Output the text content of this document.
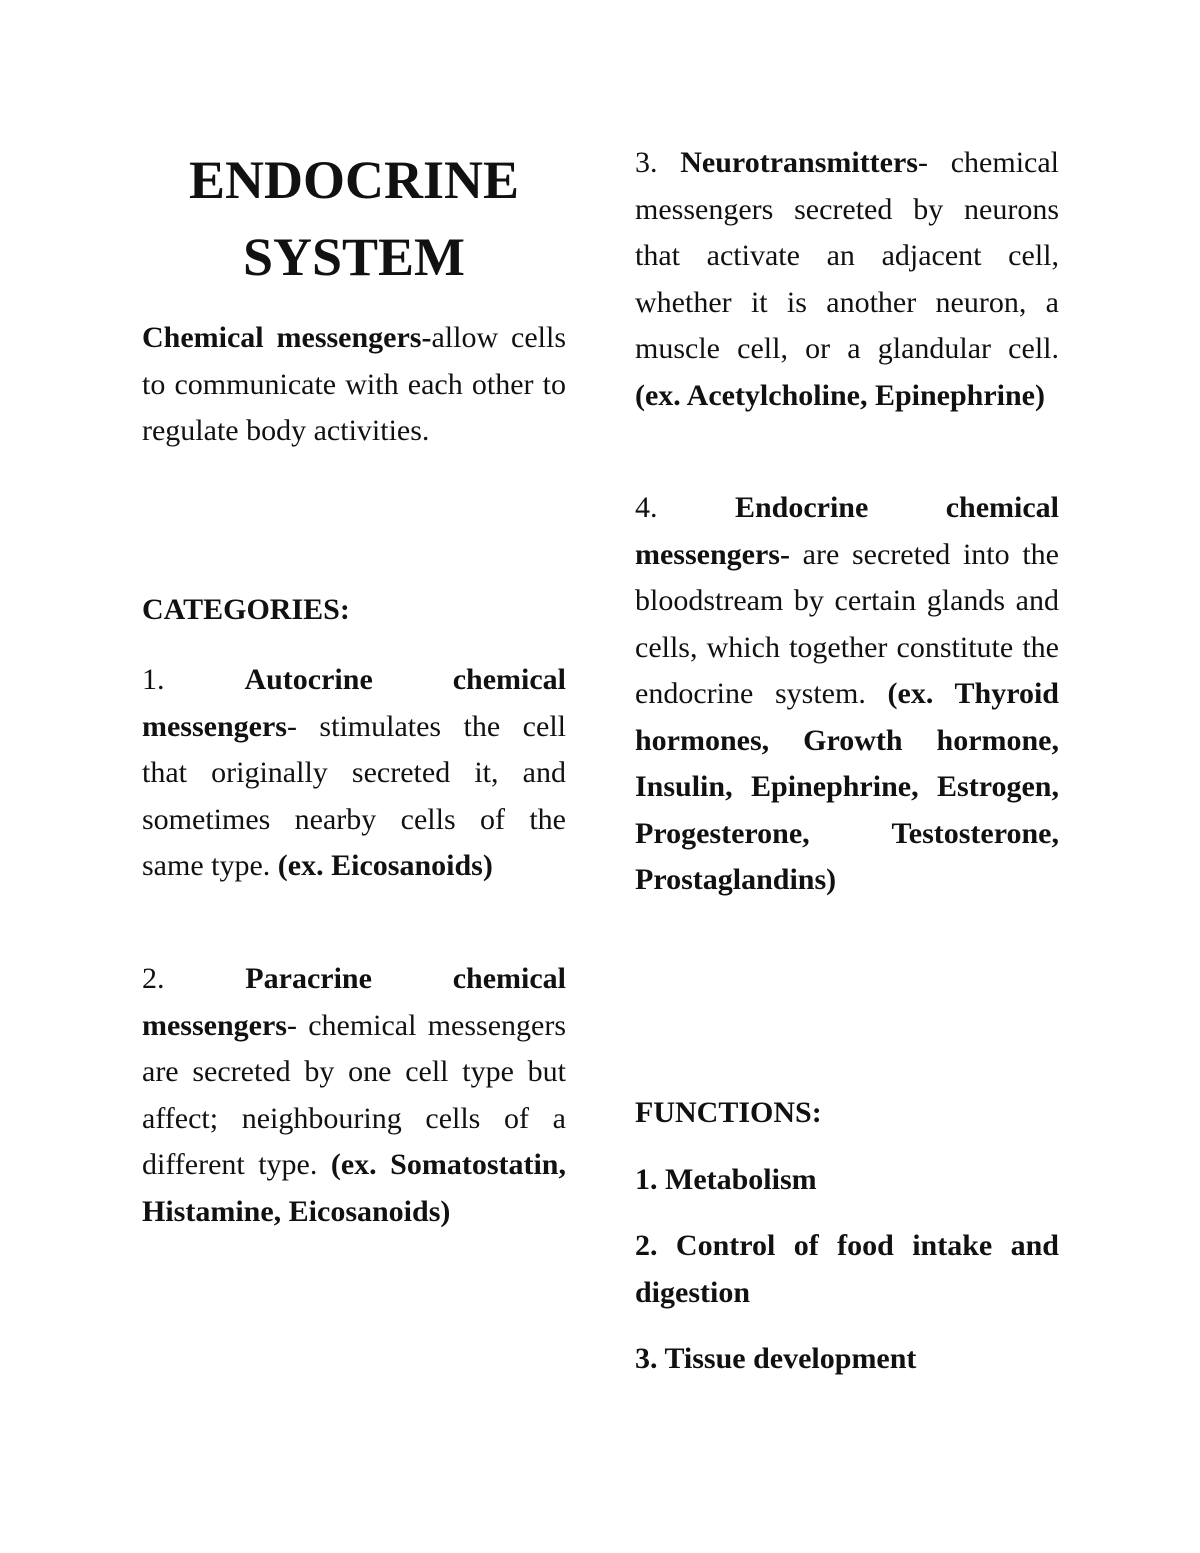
ENDOCRINE
SYSTEM

Chemical messengers-allow cells to communicate with each other to regulate body activities.

CATEGORIES:

1. Autocrine chemical messengers- stimulates the cell that originally secreted it, and sometimes nearby cells of the same type. (ex. Eicosanoids)

2. Paracrine chemical messengers- chemical messengers are secreted by one cell type but affect; neighbouring cells of a different type. (ex. Somatostatin, Histamine, Eicosanoids)

3. Neurotransmitters- chemical messengers secreted by neurons that activate an adjacent cell, whether it is another neuron, a muscle cell, or a glandular cell. (ex. Acetylcholine, Epinephrine)

4. Endocrine chemical messengers- are secreted into the bloodstream by certain glands and cells, which together constitute the endocrine system. (ex. Thyroid hormones, Growth hormone, Insulin, Epinephrine, Estrogen, Progesterone, Testosterone, Prostaglandins)

FUNCTIONS:

1. Metabolism

2. Control of food intake and digestion

3. Tissue development
